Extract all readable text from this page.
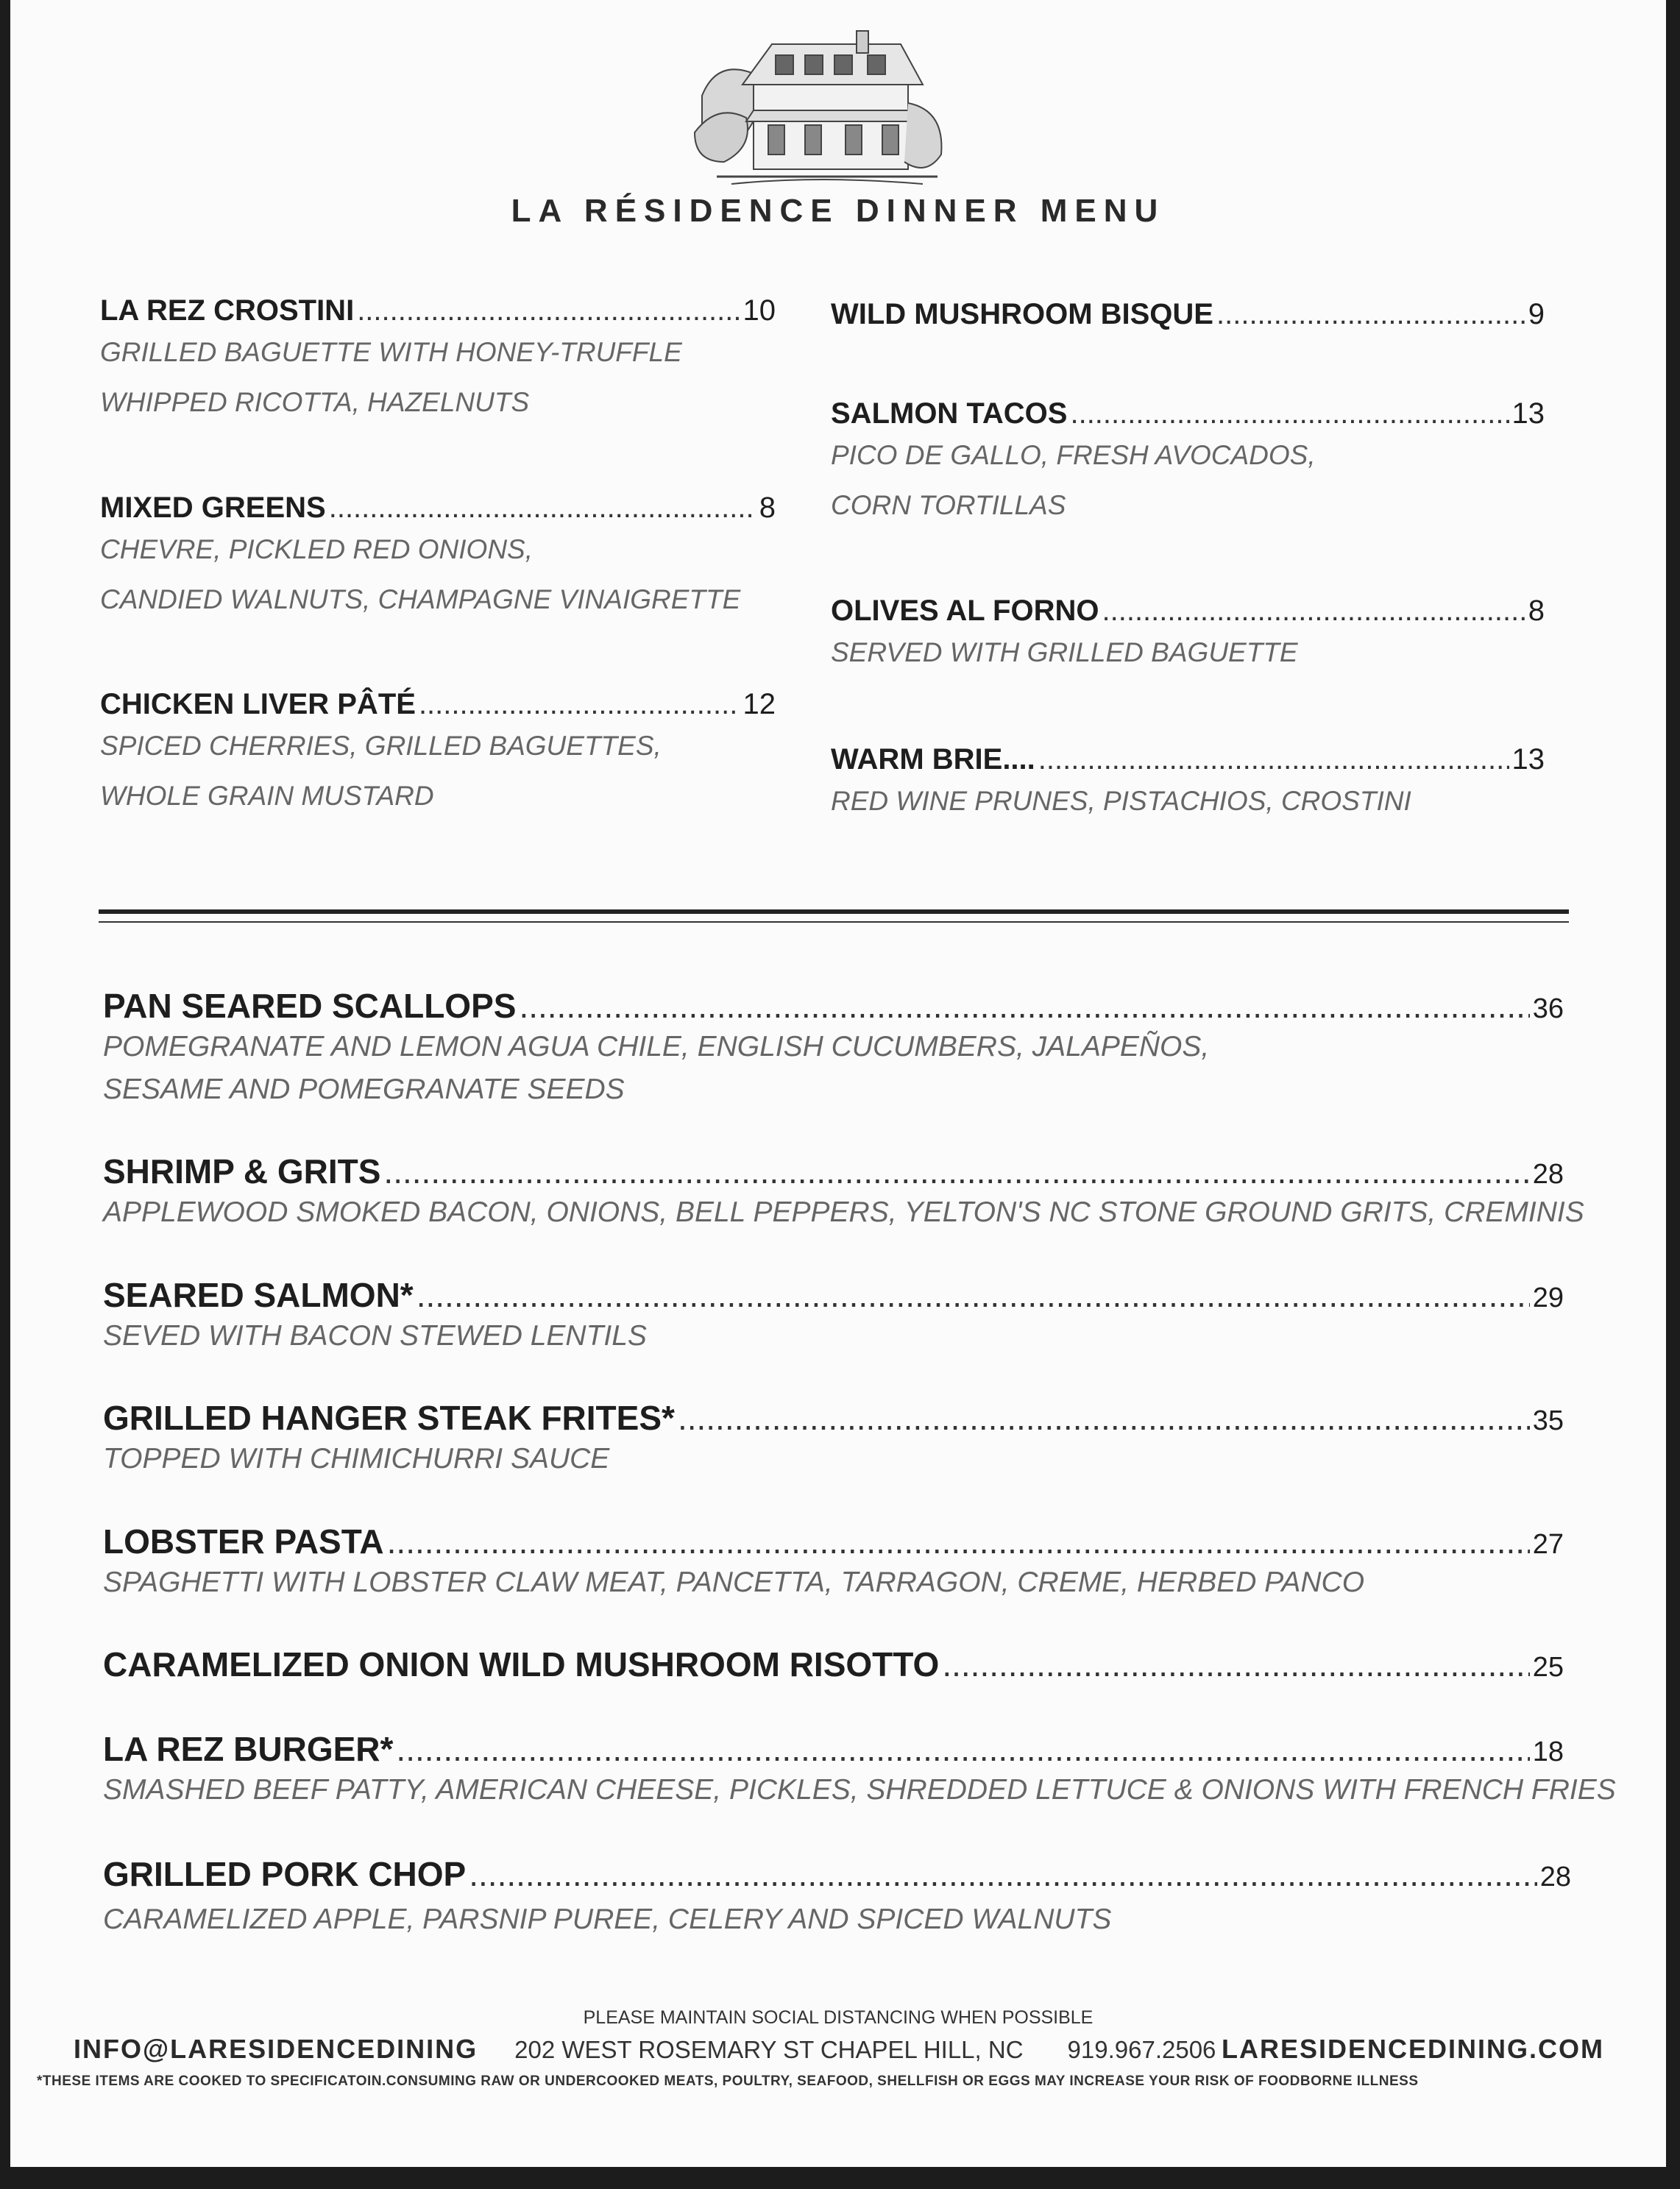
LA RÉSIDENCE DINNER MENU
LA REZ CROSTINI .....	10
GRILLED BAGUETTE WITH HONEY-TRUFFLE
WHIPPED RICOTTA, HAZELNUTS
MIXED GREENS .....	8
CHEVRE, PICKLED RED ONIONS,
CANDIED WALNUTS, CHAMPAGNE VINAIGRETTE
CHICKEN LIVER PÂTÉ .....	12
SPICED CHERRIES, GRILLED BAGUETTES,
WHOLE GRAIN MUSTARD
WILD MUSHROOM BISQUE .....	9
SALMON TACOS .....	13
PICO DE GALLO, FRESH AVOCADOS,
CORN TORTILLAS
OLIVES AL FORNO .....	8
SERVED WITH GRILLED BAGUETTE
WARM BRIE.... .....	13
RED WINE PRUNES, PISTACHIOS, CROSTINI
PAN SEARED SCALLOPS .....	36
POMEGRANATE AND LEMON AGUA CHILE, ENGLISH CUCUMBERS, JALAPEÑOS,
SESAME AND POMEGRANATE SEEDS
SHRIMP & GRITS .....	28
APPLEWOOD SMOKED BACON, ONIONS, BELL PEPPERS, YELTON'S NC STONE GROUND GRITS, CREMINIS
SEARED SALMON* .....	29
SEVED WITH BACON STEWED LENTILS
GRILLED HANGER STEAK FRITES* .....	35
TOPPED WITH CHIMICHURRI SAUCE
LOBSTER PASTA .....	27
SPAGHETTI WITH LOBSTER CLAW MEAT, PANCETTA, TARRAGON, CREME, HERBED PANCO
CARAMELIZED ONION WILD MUSHROOM RISOTTO .....	25
LA REZ BURGER* .....	18
SMASHED BEEF PATTY, AMERICAN CHEESE, PICKLES, SHREDDED LETTUCE & ONIONS WITH FRENCH FRIES
GRILLED PORK CHOP .....	28
CARAMELIZED APPLE, PARSNIP PUREE, CELERY AND SPICED WALNUTS
PLEASE MAINTAIN SOCIAL DISTANCING WHEN POSSIBLE
INFO@LARESIDENCEDINING 202 WEST ROSEMARY ST CHAPEL HILL, NC 919.967.2506 LARESIDENCEDINING.COM
*THESE ITEMS ARE COOKED TO SPECIFICATOIN.CONSUMING RAW OR UNDERCOOKED MEATS, POULTRY, SEAFOOD, SHELLFISH OR EGGS MAY INCREASE YOUR RISK OF FOODBORNE ILLNESS
